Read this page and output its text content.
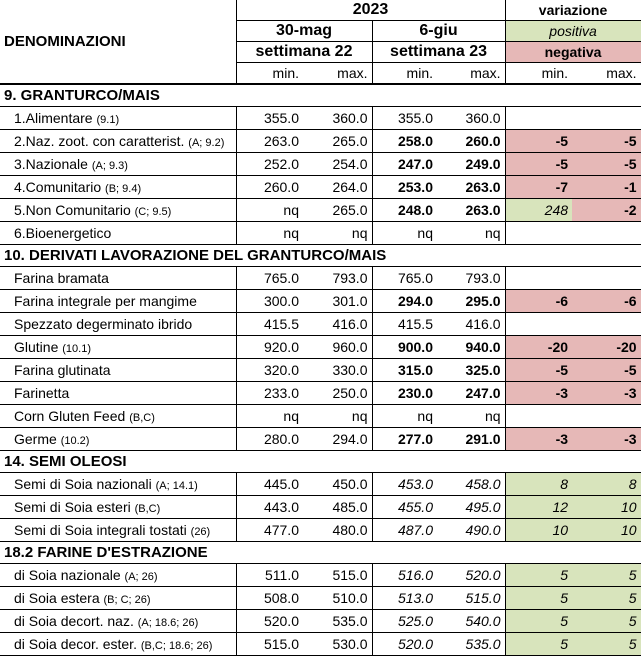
	2023				variazione	
DENOMINAZIONI	30-mag		6-giu		positiva	
	settimana 22		settimana 23		negativa	
	min.	max.	min.	max.	min.	max.
9. GRANTURCO/MAIS						
1.Alimentare (9.1)	355.0	360.0	355.0	360.0		
2.Naz. zoot. con caratterist. (A; 9.2)	263.0	265.0	258.0	260.0	-5	-5
3.Nazionale (A; 9.3)	252.0	254.0	247.0	249.0	-5	-5
4.Comunitario (B; 9.4)	260.0	264.0	253.0	263.0	-7	-1
5.Non Comunitario (C; 9.5)	nq	265.0	248.0	263.0	248	-2
6.Bioenergetico	nq	nq	nq	nq		
10. DERIVATI LAVORAZIONE DEL GRANTURCO/MAIS						
Farina bramata	765.0	793.0	765.0	793.0		
Farina integrale per mangime	300.0	301.0	294.0	295.0	-6	-6
Spezzato degerminato ibrido	415.5	416.0	415.5	416.0		
Glutine (10.1)	920.0	960.0	900.0	940.0	-20	-20
Farina glutinata	320.0	330.0	315.0	325.0	-5	-5
Farinetta	233.0	250.0	230.0	247.0	-3	-3
Corn Gluten Feed (B,C)	nq	nq	nq	nq		
Germe (10.2)	280.0	294.0	277.0	291.0	-3	-3
14. SEMI OLEOSI						
Semi di Soia nazionali (A; 14.1)	445.0	450.0	453.0	458.0	8	8
Semi di Soia esteri (B,C)	443.0	485.0	455.0	495.0	12	10
Semi di Soia integrali tostati (26)	477.0	480.0	487.0	490.0	10	10
18.2 FARINE D'ESTRAZIONE						
di Soia nazionale (A; 26)	511.0	515.0	516.0	520.0	5	5
di Soia estera (B; C; 26)	508.0	510.0	513.0	515.0	5	5
di Soia decort. naz. (A; 18.6; 26)	520.0	535.0	525.0	540.0	5	5
di Soia decor. ester. (B,C; 18.6; 26)	515.0	530.0	520.0	535.0	5	5
